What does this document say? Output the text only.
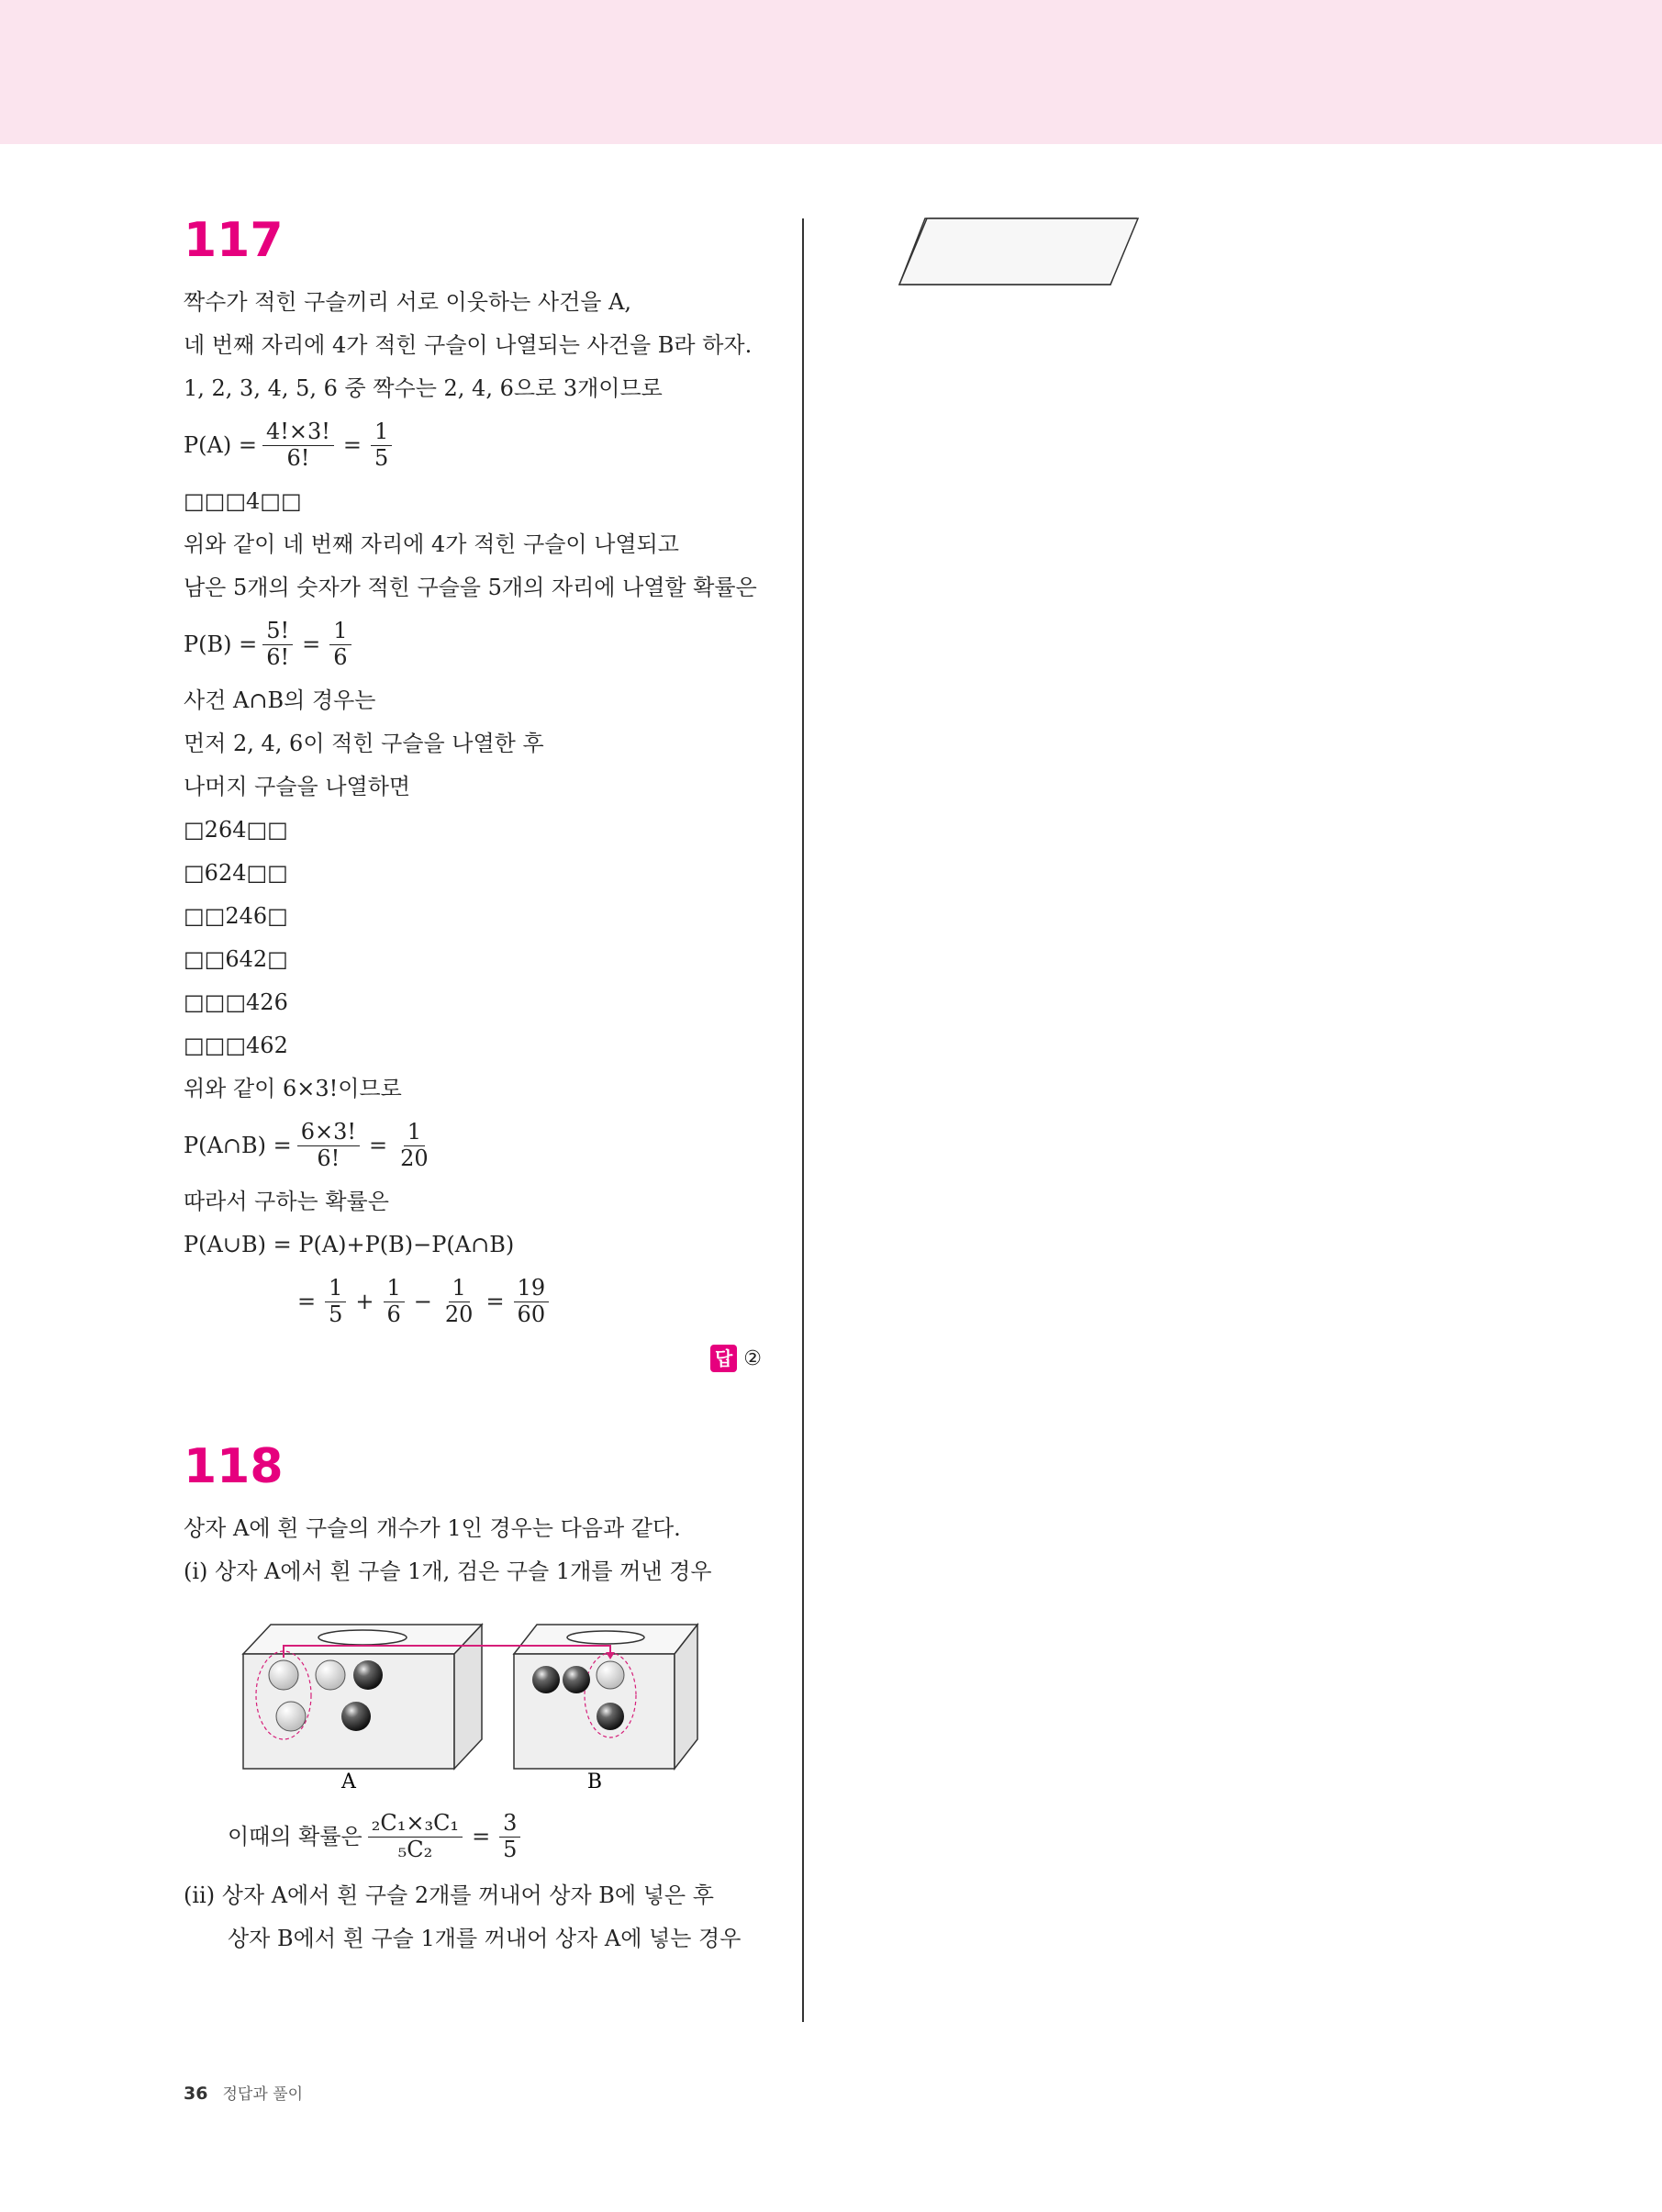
117
짝수가 적힌 구슬끼리 서로 이웃하는 사건을 A,
네 번째 자리에 4가 적힌 구슬이 나열되는 사건을 B라 하자.
1, 2, 3, 4, 5, 6 중 짝수는 2, 4, 6으로 3개이므로
$P(A) = \frac{4!\times 3!}{6!} = \frac{1}{5}$
□□□4□□
위와 같이 네 번째 자리에 4가 적힌 구슬이 나열되고
남은 5개의 숫자가 적힌 구슬을 5개의 자리에 나열할 확률은
$P(B) = \frac{5!}{6!} = \frac{1}{6}$
사건 A∩B의 경우는
먼저 2, 4, 6이 적힌 구슬을 나열한 후
나머지 구슬을 나열하면
□264□□
□624□□
□□246□
□□642□
□□□426
□□□462
위와 같이 6×3!이므로
P(A∩B) = $\frac{6\times 3!}{6!} = \frac{1}{20}$
따라서 구하는 확률은
P(A∪B) = P(A)+P(B)−P(A∩B)
= $\frac{1}{5} + \frac{1}{6} - \frac{1}{20} = \frac{19}{60}$
답 ②
118
상자 A에 흰 구슬의 개수가 1인 경우는 다음과 같다.
(ⅰ) 상자 A에서 흰 구슬 1개, 검은 구슬 1개를 꺼낸 경우
A	B
이때의 확률은 $\frac{\text{₂C₁×₃C₁}}{\text{₅C₂}} = \frac{3}{5}$
(ⅱ) 상자 A에서 흰 구슬 2개를 꺼내어 상자 B에 넣은 후
상자 B에서 흰 구슬 1개를 꺼내어 상자 A에 넣는 경우
36 정답과 풀이
